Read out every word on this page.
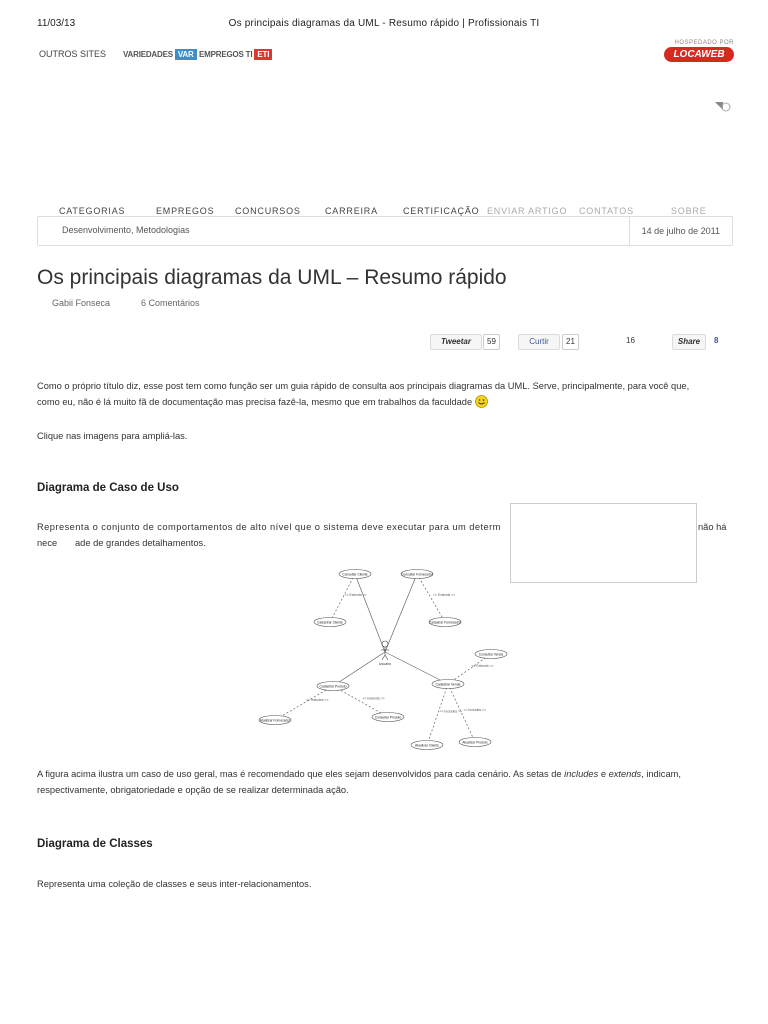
11/03/13	Os principais diagramas da UML - Resumo rápido | Profissionais TI
OUTROS SITES VARIEDADES VAR EMPREGOS TI ETI
HOSPEDADO POR
LOCAWEB
CATEGORIAS	EMPREGOS CONCURSOS	CARREIRA	CERTIFICAÇÃO ENVIAR ARTIGO CONTATOS	SOBRE
Desenvolvimento, Metodologias	14 de julho de 2011
Os principais diagramas da UML – Resumo rápido
Gabii Fonseca	6 Comentários
Tweetar	59	Curtir	21	16	Share	8
Como o próprio título diz, esse post tem como função ser um guia rápido de consulta aos principais diagramas da UML. Serve, principalmente, para você que,
como eu, não é lá muito fã de documentação mas precisa fazê-la, mesmo que em trabalhos da faculdade
Clique nas imagens para ampliá-las.
Diagrama de Caso de Uso
Representa o conjunto de comportamentos de alto nível que o sistema deve executar para um determ	não há
nece ade de grandes detalhamentos.
<< Extends >>	<< Extends >>
<< Extends >>
<< Includes >>	<< Extends >>
<< Includes >> << Includes >>
Usuário
Consultar Cliente	Consultar Fornecedor
Cadastrar Cliente	Cadastrar Fornecedor
Consultar Venda
Cadastrar Produto	Cadastrar Venda
Atualizar Fornecedor
Consultar Produto
Atualizar Cliente
Atualizar Produto
A figura acima ilustra um caso de uso geral, mas é recomendado que eles sejam desenvolvidos para cada cenário. As setas de includes e extends, indicam,
respectivamente, obrigatoriedade e opção de se realizar determinada ação.
Diagrama de Classes
Representa uma coleção de classes e seus inter-relacionamentos.
